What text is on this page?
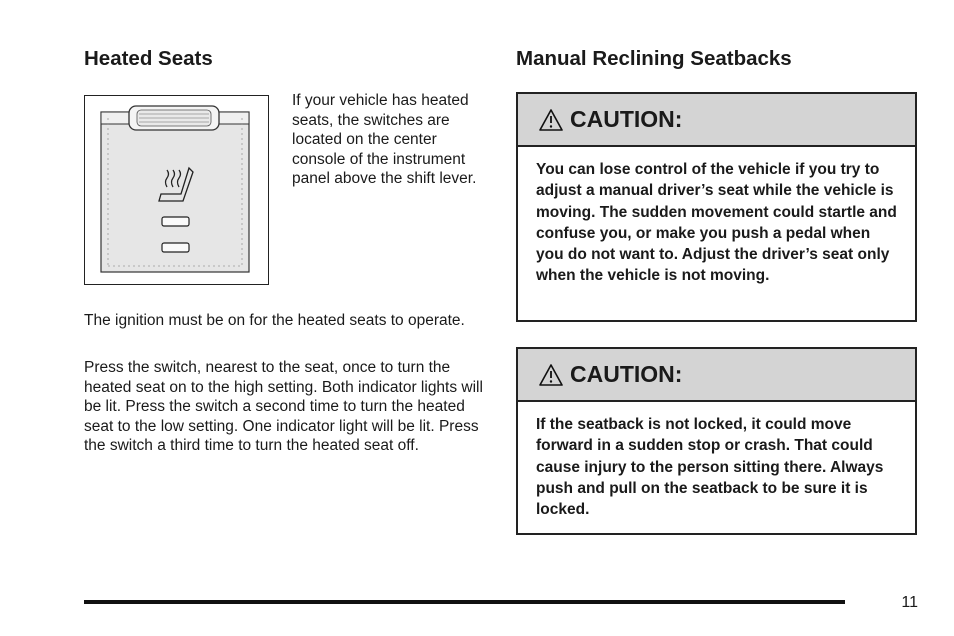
Heated Seats

If your vehicle has heated seats, the switches are located on the center console of the instrument panel above the shift lever.

The ignition must be on for the heated seats to operate.

Press the switch, nearest to the seat, once to turn the heated seat on to the high setting. Both indicator lights will be lit. Press the switch a second time to turn the heated seat to the low setting. One indicator light will be lit. Press the switch a third time to turn the heated seat off.

Manual Reclining Seatbacks
CAUTION:
You can lose control of the vehicle if you try to adjust a manual driver’s seat while the vehicle is moving. The sudden movement could startle and confuse you, or make you push a pedal when you do not want to. Adjust the driver’s seat only when the vehicle is not moving.
CAUTION:
If the seatback is not locked, it could move forward in a sudden stop or crash. That could cause injury to the person sitting there. Always push and pull on the seatback to be sure it is locked.
11
